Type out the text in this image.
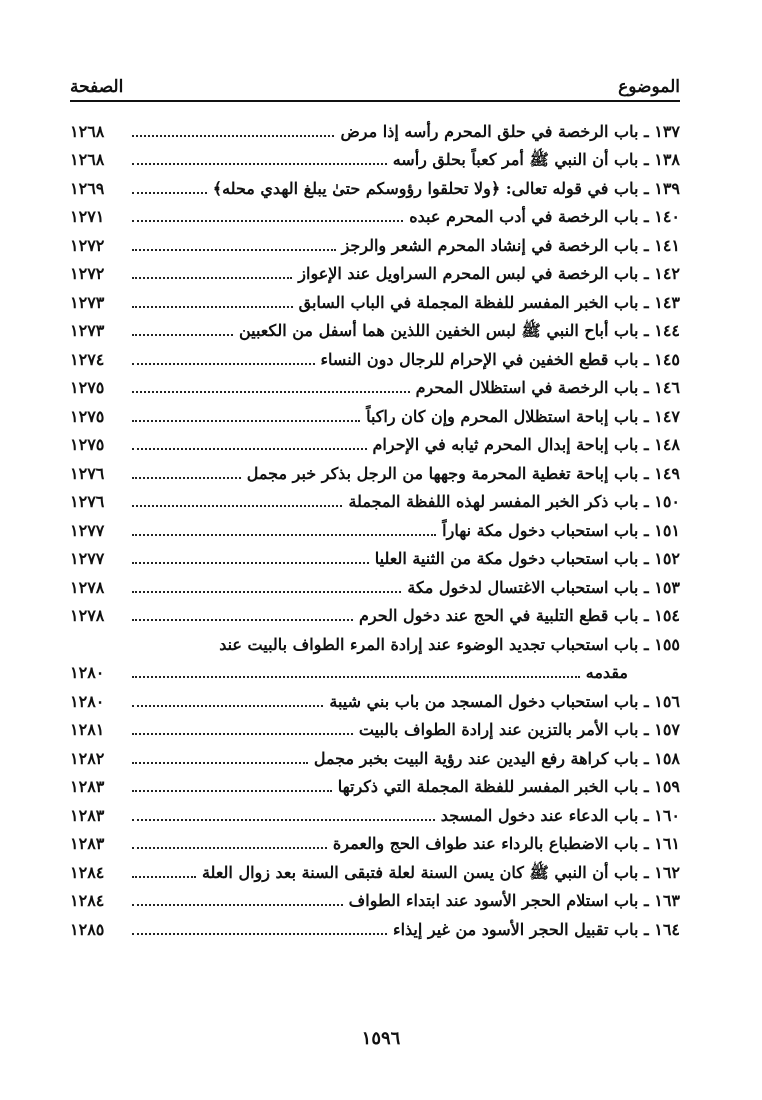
الصفحة	الموضوع
١٣٧ ـ باب الرخصة في حلق المحرم رأسه إذا مرض
١٢٦٨
١٣٨ ـ باب أن النبي ﷺ أمر كعباً بحلق رأسه
١٢٦٨
١٣٩ ـ باب في قوله تعالى: ﴿ولا تحلقوا رؤوسكم حتىٰ يبلغ الهدي محله﴾
١٢٦٩
١٤٠ ـ باب الرخصة في أدب المحرم عبده
١٢٧١
١٤١ ـ باب الرخصة في إنشاد المحرم الشعر والرجز
١٢٧٢
١٤٢ ـ باب الرخصة في لبس المحرم السراويل عند الإعواز
١٢٧٢
١٤٣ ـ باب الخبر المفسر للفظة المجملة في الباب السابق
١٢٧٣
١٤٤ ـ باب أباح النبي ﷺ لبس الخفين اللذين هما أسفل من الكعبين
١٢٧٣
١٤٥ ـ باب قطع الخفين في الإحرام للرجال دون النساء
١٢٧٤
١٤٦ ـ باب الرخصة في استظلال المحرم
١٢٧٥
١٤٧ ـ باب إباحة استظلال المحرم وإن كان راكباً
١٢٧٥
١٤٨ ـ باب إباحة إبدال المحرم ثيابه في الإحرام
١٢٧٥
١٤٩ ـ باب إباحة تغطية المحرمة وجهها من الرجل بذكر خبر مجمل
١٢٧٦
١٥٠ ـ باب ذكر الخبر المفسر لهذه اللفظة المجملة
١٢٧٦
١٥١ ـ باب استحباب دخول مكة نهاراً
١٢٧٧
١٥٢ ـ باب استحباب دخول مكة من الثنية العليا
١٢٧٧
١٥٣ ـ باب استحباب الاغتسال لدخول مكة
١٢٧٨
١٥٤ ـ باب قطع التلبية في الحج عند دخول الحرم
١٢٧٨
١٥٥ ـ باب استحباب تجديد الوضوء عند إرادة المرء الطواف بالبيت عند
مقدمه
١٢٨٠
١٥٦ ـ باب استحباب دخول المسجد من باب بني شيبة
١٢٨٠
١٥٧ ـ باب الأمر بالتزين عند إرادة الطواف بالبيت
١٢٨١
١٥٨ ـ باب كراهة رفع اليدين عند رؤية البيت بخبر مجمل
١٢٨٢
١٥٩ ـ باب الخبر المفسر للفظة المجملة التي ذكرتها
١٢٨٣
١٦٠ ـ باب الدعاء عند دخول المسجد
١٢٨٣
١٦١ ـ باب الاضطباع بالرداء عند طواف الحج والعمرة
١٢٨٣
١٦٢ ـ باب أن النبي ﷺ كان يسن السنة لعلة فتبقى السنة بعد زوال العلة
١٢٨٤
١٦٣ ـ باب استلام الحجر الأسود عند ابتداء الطواف
١٢٨٤
١٦٤ ـ باب تقبيل الحجر الأسود من غير إيذاء
١٢٨٥
١٥٩٦
